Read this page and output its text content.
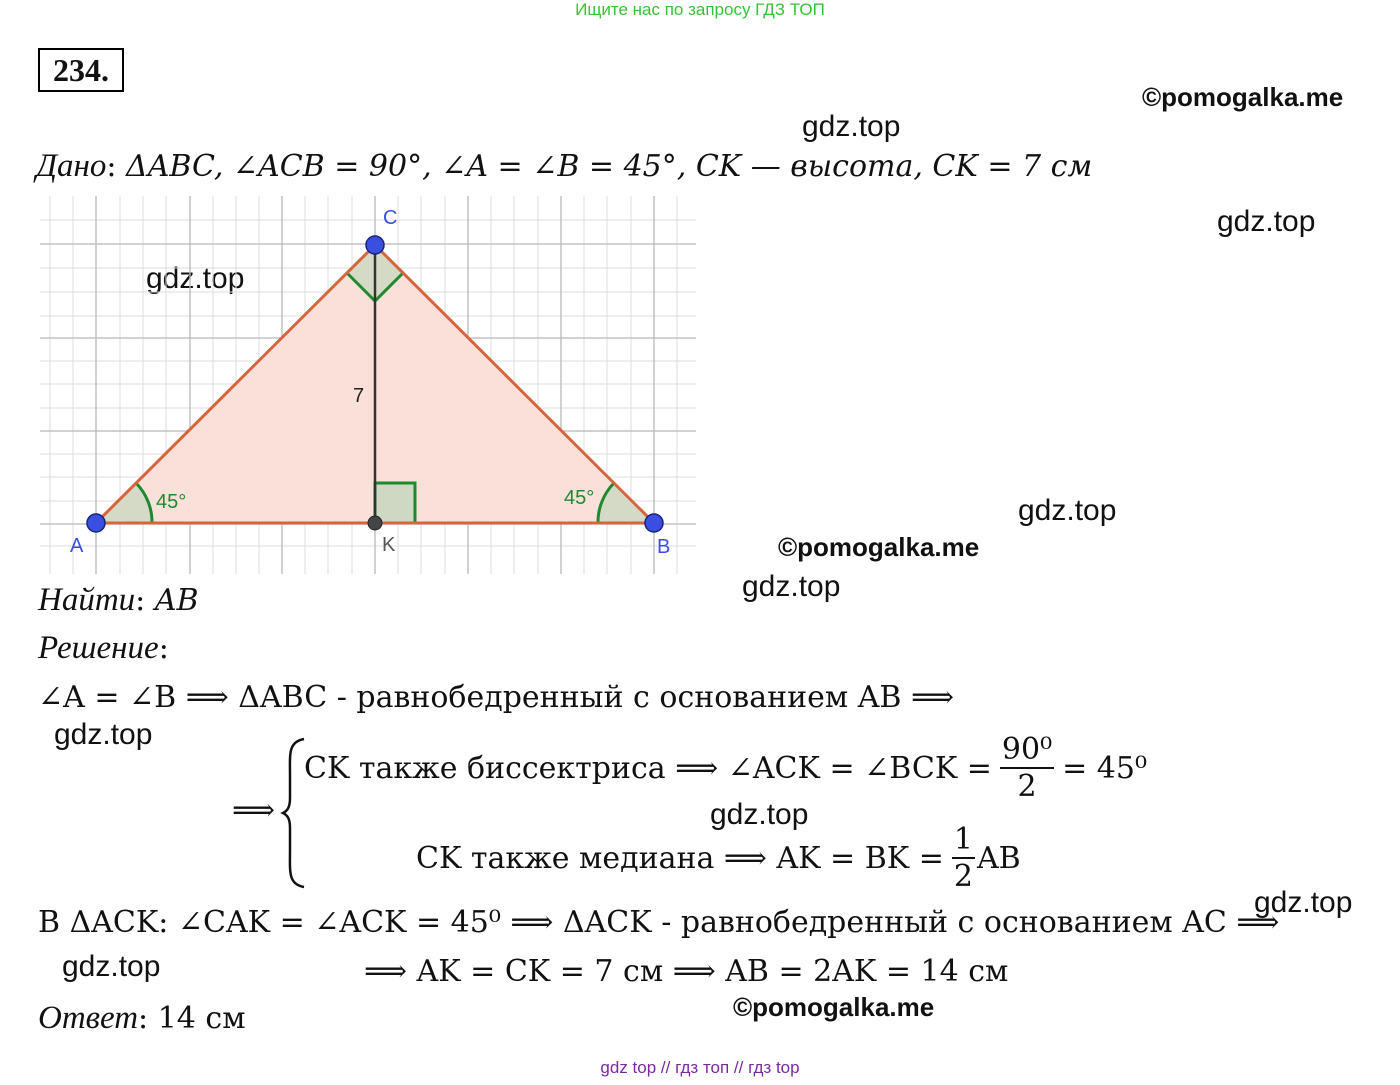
Ищите нас по запросу ГДЗ ТОП
234.
©pomogalka.me
gdz.top
gdz.top
gdz.top
gdz.top
©pomogalka.me
gdz.top
gdz.top
gdz.top
gdz.top
gdz.top
©pomogalka.me
Дано: ΔABC, ∠ACB = 90°, ∠A = ∠B = 45°, CK — высота, CK = 7 см
A	B
C
K
45°	45°
7
Найти: AB
Решение:
∠A = ∠B ⟹ ΔABC - равнобедренный с основанием AB ⟹
⟹
CK также биссектриса ⟹ ∠ACK = ∠BCK = $\frac{\text{90⁰}}{2} = 45^0$
CK также медиана ⟹ AK = BK = $\frac{1}{2}$ AB
В ΔACK: ∠CAK = ∠ACK = 45⁰ ⟹ ΔACK - равнобедренный с основанием AC ⟹
⟹ AK = CK = 7 см ⟹ AB = 2AK = 14 см
Ответ: 14 см
gdz top // гдз топ // гдз top
